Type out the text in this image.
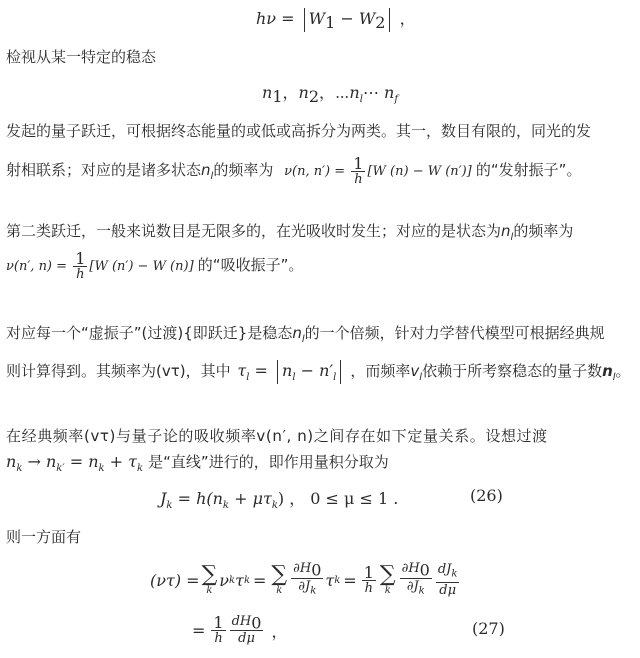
$h\nu = W_1 - W_2$ ，
检视从某一特定的稳态
$n_1$，$n_2$，$\cdots n_l\cdots$ $n_f$
发起的量子跃迁，可根据终态能量的或低或高拆分为两类。其一，数目有限的，同光的发
射相联系；对应的是诸多状态$n_l$的频率为 ν(n, $n') = \frac{1}{h} [W$ (n) − W (n′)] 的“发射振子”。
第二类跃迁，一般来说数目是无限多的，在光吸收时发生；对应的是状态为$n_l$的频率为
ν(n′, $n) = \frac{1}{h} [W$ (n′) − W (n)] 的“吸收振子”。
对应每一个“虚振子”(过渡){即跃迁}是稳态$n_l$的一个倍频，针对力学替代模型可根据经典规
则计算得到。其频率为(vτ)，其中 $\tau_l = n_l - n'_l$ ，而频率$v_l$依赖于所考察稳态的量子数$n_l$。
在经典频率(vτ)与量子论的吸收频率v(n′, n)之间存在如下定量关系。设想过渡
$n_k \to n_{k'} = n_k + \tau_k$ 是“直线”进行的，即作用量积分取为
$J_k = h(n_k + \mu\tau_k)$ ， 0 ≤ μ ≤ 1 .	(26)
则一方面有
(ντ) = ∑
k
ν k τ k = ∑
k $\frac{\partial H_0}{\partial J_k}$ τ $k = \frac{1}{h}$ ∑
k $\frac{\partial H_0}{\partial J_k} \frac{dJ_k}{d\mu}$
= $\frac{1}{h} \frac{dH_0}{d\mu}$ ，	(27)
